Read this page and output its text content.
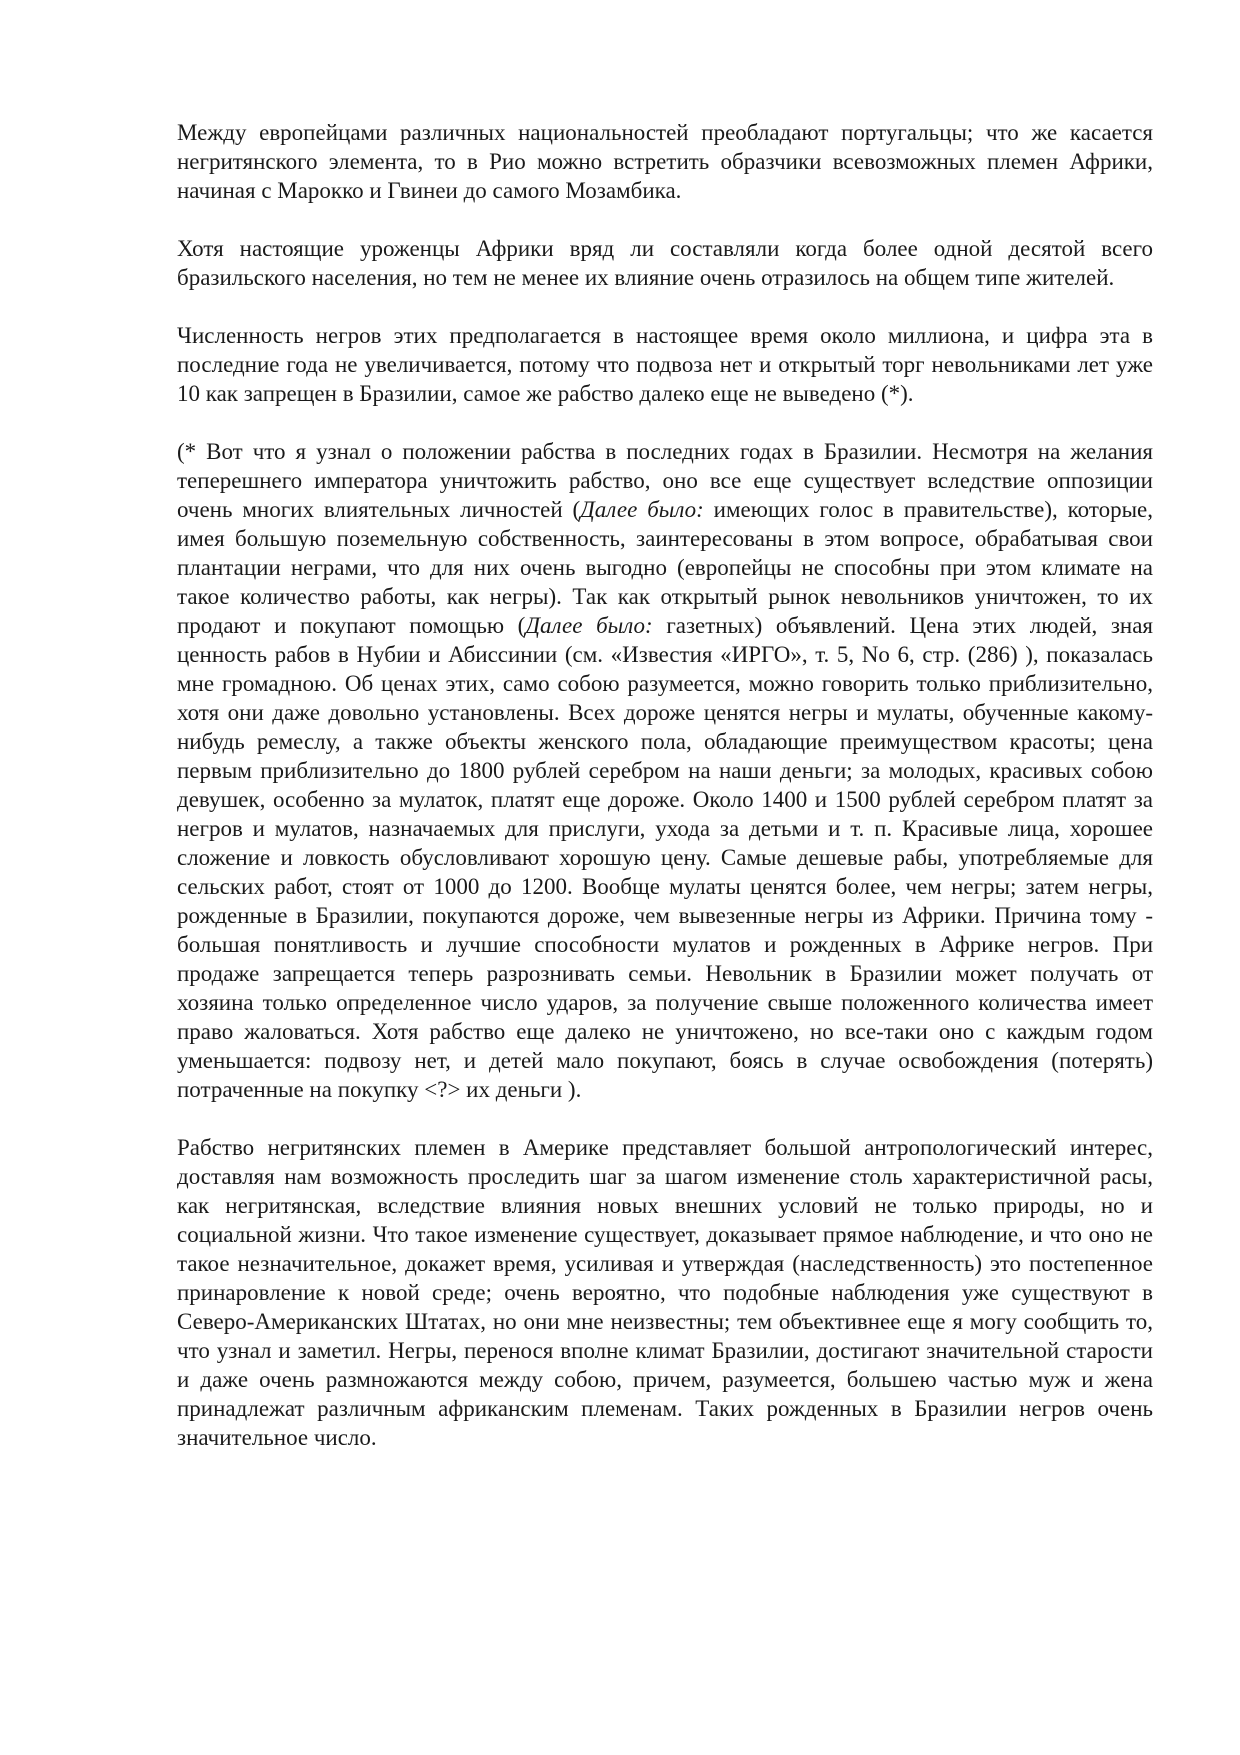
Между европейцами различных национальностей преобладают португальцы; что же касается негритянского элемента, то в Рио можно встретить образчики всевозможных племен Африки, начиная с Марокко и Гвинеи до самого Мозамбика.

Хотя настоящие уроженцы Африки вряд ли составляли когда более одной десятой всего бразильского населения, но тем не менее их влияние очень отразилось на общем типе жителей.

Численность негров этих предполагается в настоящее время около миллиона, и цифра эта в последние года не увеличивается, потому что подвоза нет и открытый торг невольниками лет уже 10 как запрещен в Бразилии, самое же рабство далеко еще не выведено (*).

(* Вот что я узнал о положении рабства в последних годах в Бразилии. Несмотря на желания теперешнего императора уничтожить рабство, оно все еще существует вследствие оппозиции очень многих влиятельных личностей (Далее было: имеющих голос в правительстве), которые, имея большую поземельную собственность, заинтересованы в этом вопросе, обрабатывая свои плантации неграми, что для них очень выгодно (европейцы не способны при этом климате на такое количество работы, как негры). Так как открытый рынок невольников уничтожен, то их продают и покупают помощью (Далее было: газетных) объявлений. Цена этих людей, зная ценность рабов в Нубии и Абиссинии (см. «Известия «ИРГО», т. 5, No 6, стр. (286) ), показалась мне громадною. Об ценах этих, само собою разумеется, можно говорить только приблизительно, хотя они даже довольно установлены. Всех дороже ценятся негры и мулаты, обученные какому-нибудь ремеслу, а также объекты женского пола, обладающие преимуществом красоты; цена первым приблизительно до 1800 рублей серебром на наши деньги; за молодых, красивых собою девушек, особенно за мулаток, платят еще дороже. Около 1400 и 1500 рублей серебром платят за негров и мулатов, назначаемых для прислуги, ухода за детьми и т. п. Красивые лица, хорошее сложение и ловкость обусловливают хорошую цену. Самые дешевые рабы, употребляемые для сельских работ, стоят от 1000 до 1200. Вообще мулаты ценятся более, чем негры; затем негры, рожденные в Бразилии, покупаются дороже, чем вывезенные негры из Африки. Причина тому - большая понятливость и лучшие способности мулатов и рожденных в Африке негров. При продаже запрещается теперь разрознивать семьи. Невольник в Бразилии может получать от хозяина только определенное число ударов, за получение свыше положенного количества имеет право жаловаться. Хотя рабство еще далеко не уничтожено, но все-таки оно с каждым годом уменьшается: подвозу нет, и детей мало покупают, боясь в случае освобождения (потерять) потраченные на покупку <?> их деньги ).

Рабство негритянских племен в Америке представляет большой антропологический интерес, доставляя нам возможность проследить шаг за шагом изменение столь характеристичной расы, как негритянская, вследствие влияния новых внешних условий не только природы, но и социальной жизни. Что такое изменение существует, доказывает прямое наблюдение, и что оно не такое незначительное, докажет время, усиливая и утверждая (наследственность) это постепенное принаровление к новой среде; очень вероятно, что подобные наблюдения уже существуют в Северо-Американских Штатах, но они мне неизвестны; тем объективнее еще я могу сообщить то, что узнал и заметил. Негры, перенося вполне климат Бразилии, достигают значительной старости и даже очень размножаются между собою, причем, разумеется, большею частью муж и жена принадлежат различным африканским племенам. Таких рожденных в Бразилии негров очень значительное число.
